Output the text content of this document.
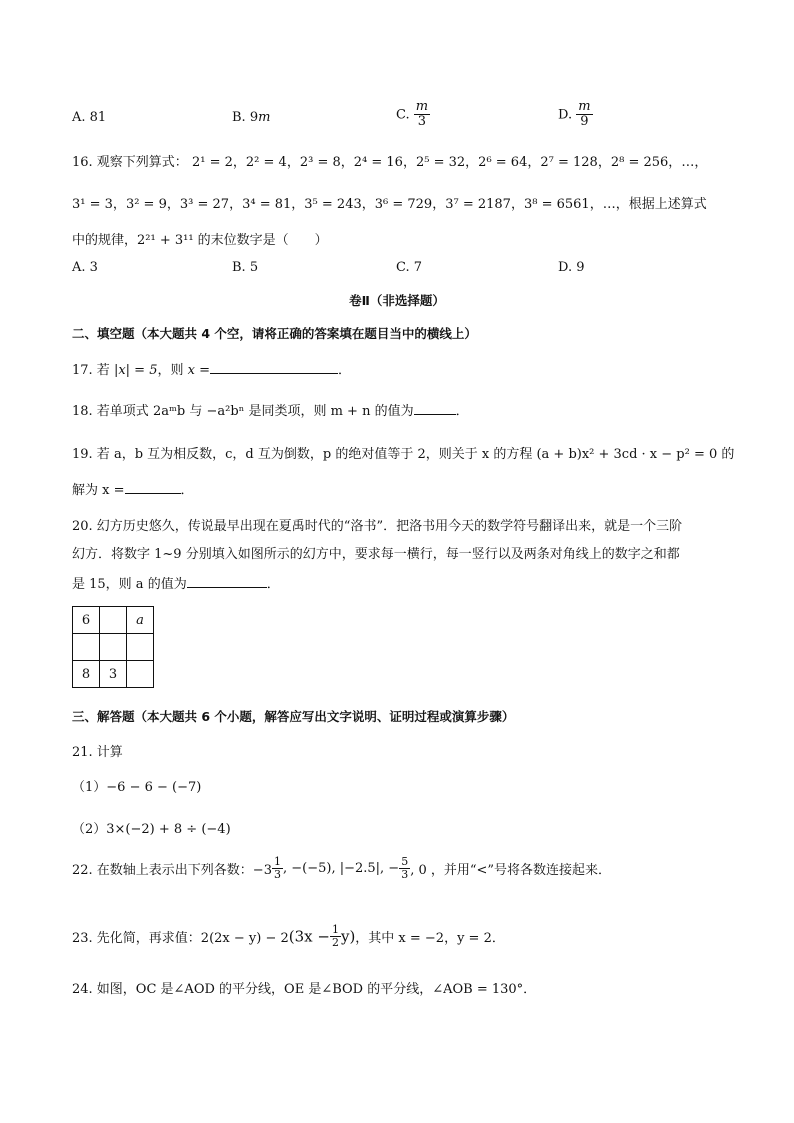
A. 81	B. 9m	C. $\frac{m}{3}$	D. $\frac{m}{9}$
16. 观察下列算式： 2¹ = 2，2² = 4，2³ = 8，2⁴ = 16，2⁵ = 32，2⁶ = 64，2⁷ = 128，2⁸ = 256，…，
3¹ = 3，3² = 9，3³ = 27，3⁴ = 81，3⁵ = 243，3⁶ = 729，3⁷ = 2187，3⁸ = 6561，…，根据上述算式
中的规律，2²¹ + 3¹¹ 的末位数字是（　　）
A. 3	B. 5	C. 7	D. 9
卷Ⅱ（非选择题）
二、填空题（本大题共 4 个空，请将正确的答案填在题目当中的横线上）
17. 若 |x| = 5，则 x =	．
18. 若单项式 2aᵐb 与 −a²bⁿ 是同类项，则 m + n 的值为	．
19. 若 a，b 互为相反数，c，d 互为倒数，p 的绝对值等于 2，则关于 x 的方程 (a + b)x² + 3cd · x − p² = 0 的
解为 x =	．
20. 幻方历史悠久，传说最早出现在夏禹时代的“洛书”．把洛书用今天的数学符号翻译出来，就是一个三阶
幻方．将数字 1~9 分别填入如图所示的幻方中，要求每一横行，每一竖行以及两条对角线上的数字之和都
是 15，则 a 的值为	．
6		a

8	3	
三、解答题（本大题共 6 个小题，解答应写出文字说明、证明过程或演算步骤）
21. 计算
（1）−6 − 6 − (−7)
（2）3×(−2) + 8 ÷ (−4)
22. 在数轴上表示出下列各数：$-3 \frac{1}{3}$ , −(−5), |−2.5|, − $\frac{5}{3}$ , 0 ，并用“<”号将各数连接起来．
23. 先化简，再求值：$2(2x - y) - 2(3x - \frac{1}{2} y)$，其中 x = −2，y = 2．
24. 如图，OC 是∠AOD 的平分线，OE 是∠BOD 的平分线，∠AOB = 130°．
